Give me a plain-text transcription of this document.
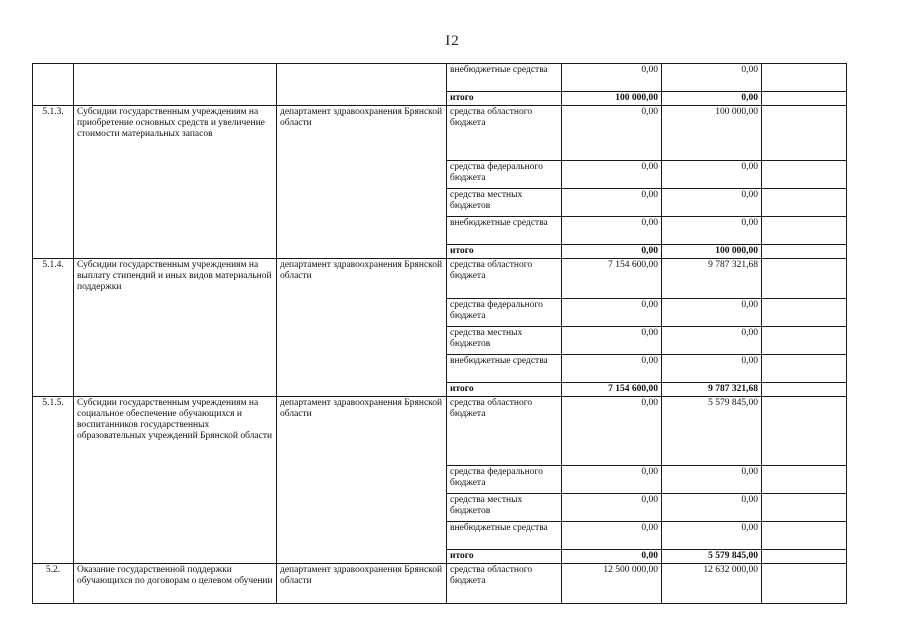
I2
			внебюджетные средства	0,00	0,00	
			итого	100 000,00	0,00	
5.1.3.	Субсидии государственным учреждениям на приобретение основных средств и увеличение стоимости материальных запасов	департамент здравоохранения Брянской области	средства областного бюджета	0,00	100 000,00	
			средства федерального бюджета	0,00	0,00	
			средства местных бюджетов	0,00	0,00	
			внебюджетные средства	0,00	0,00	
			итого	0,00	100 000,00	
5.1.4.	Субсидии государственным учреждениям на выплату стипендий и иных видов материальной поддержки	департамент здравоохранения Брянской области	средства областного бюджета	7 154 600,00	9 787 321,68	
			средства федерального бюджета	0,00	0,00	
			средства местных бюджетов	0,00	0,00	
			внебюджетные средства	0,00	0,00	
			итого	7 154 600,00	9 787 321,68	
5.1.5.	Субсидии государственным учреждениям на социальное обеспечение обучающихся и воспитанников государственных образовательных учреждений Брянской области	департамент здравоохранения Брянской области	средства областного бюджета	0,00	5 579 845,00	
			средства федерального бюджета	0,00	0,00	
			средства местных бюджетов	0,00	0,00	
			внебюджетные средства	0,00	0,00	
			итого	0,00	5 579 845,00	
5.2.	Оказание государственной поддержки обучающихся по договорам о целевом обучении	департамент здравоохранения Брянской области	средства областного бюджета	12 500 000,00	12 632 000,00	
